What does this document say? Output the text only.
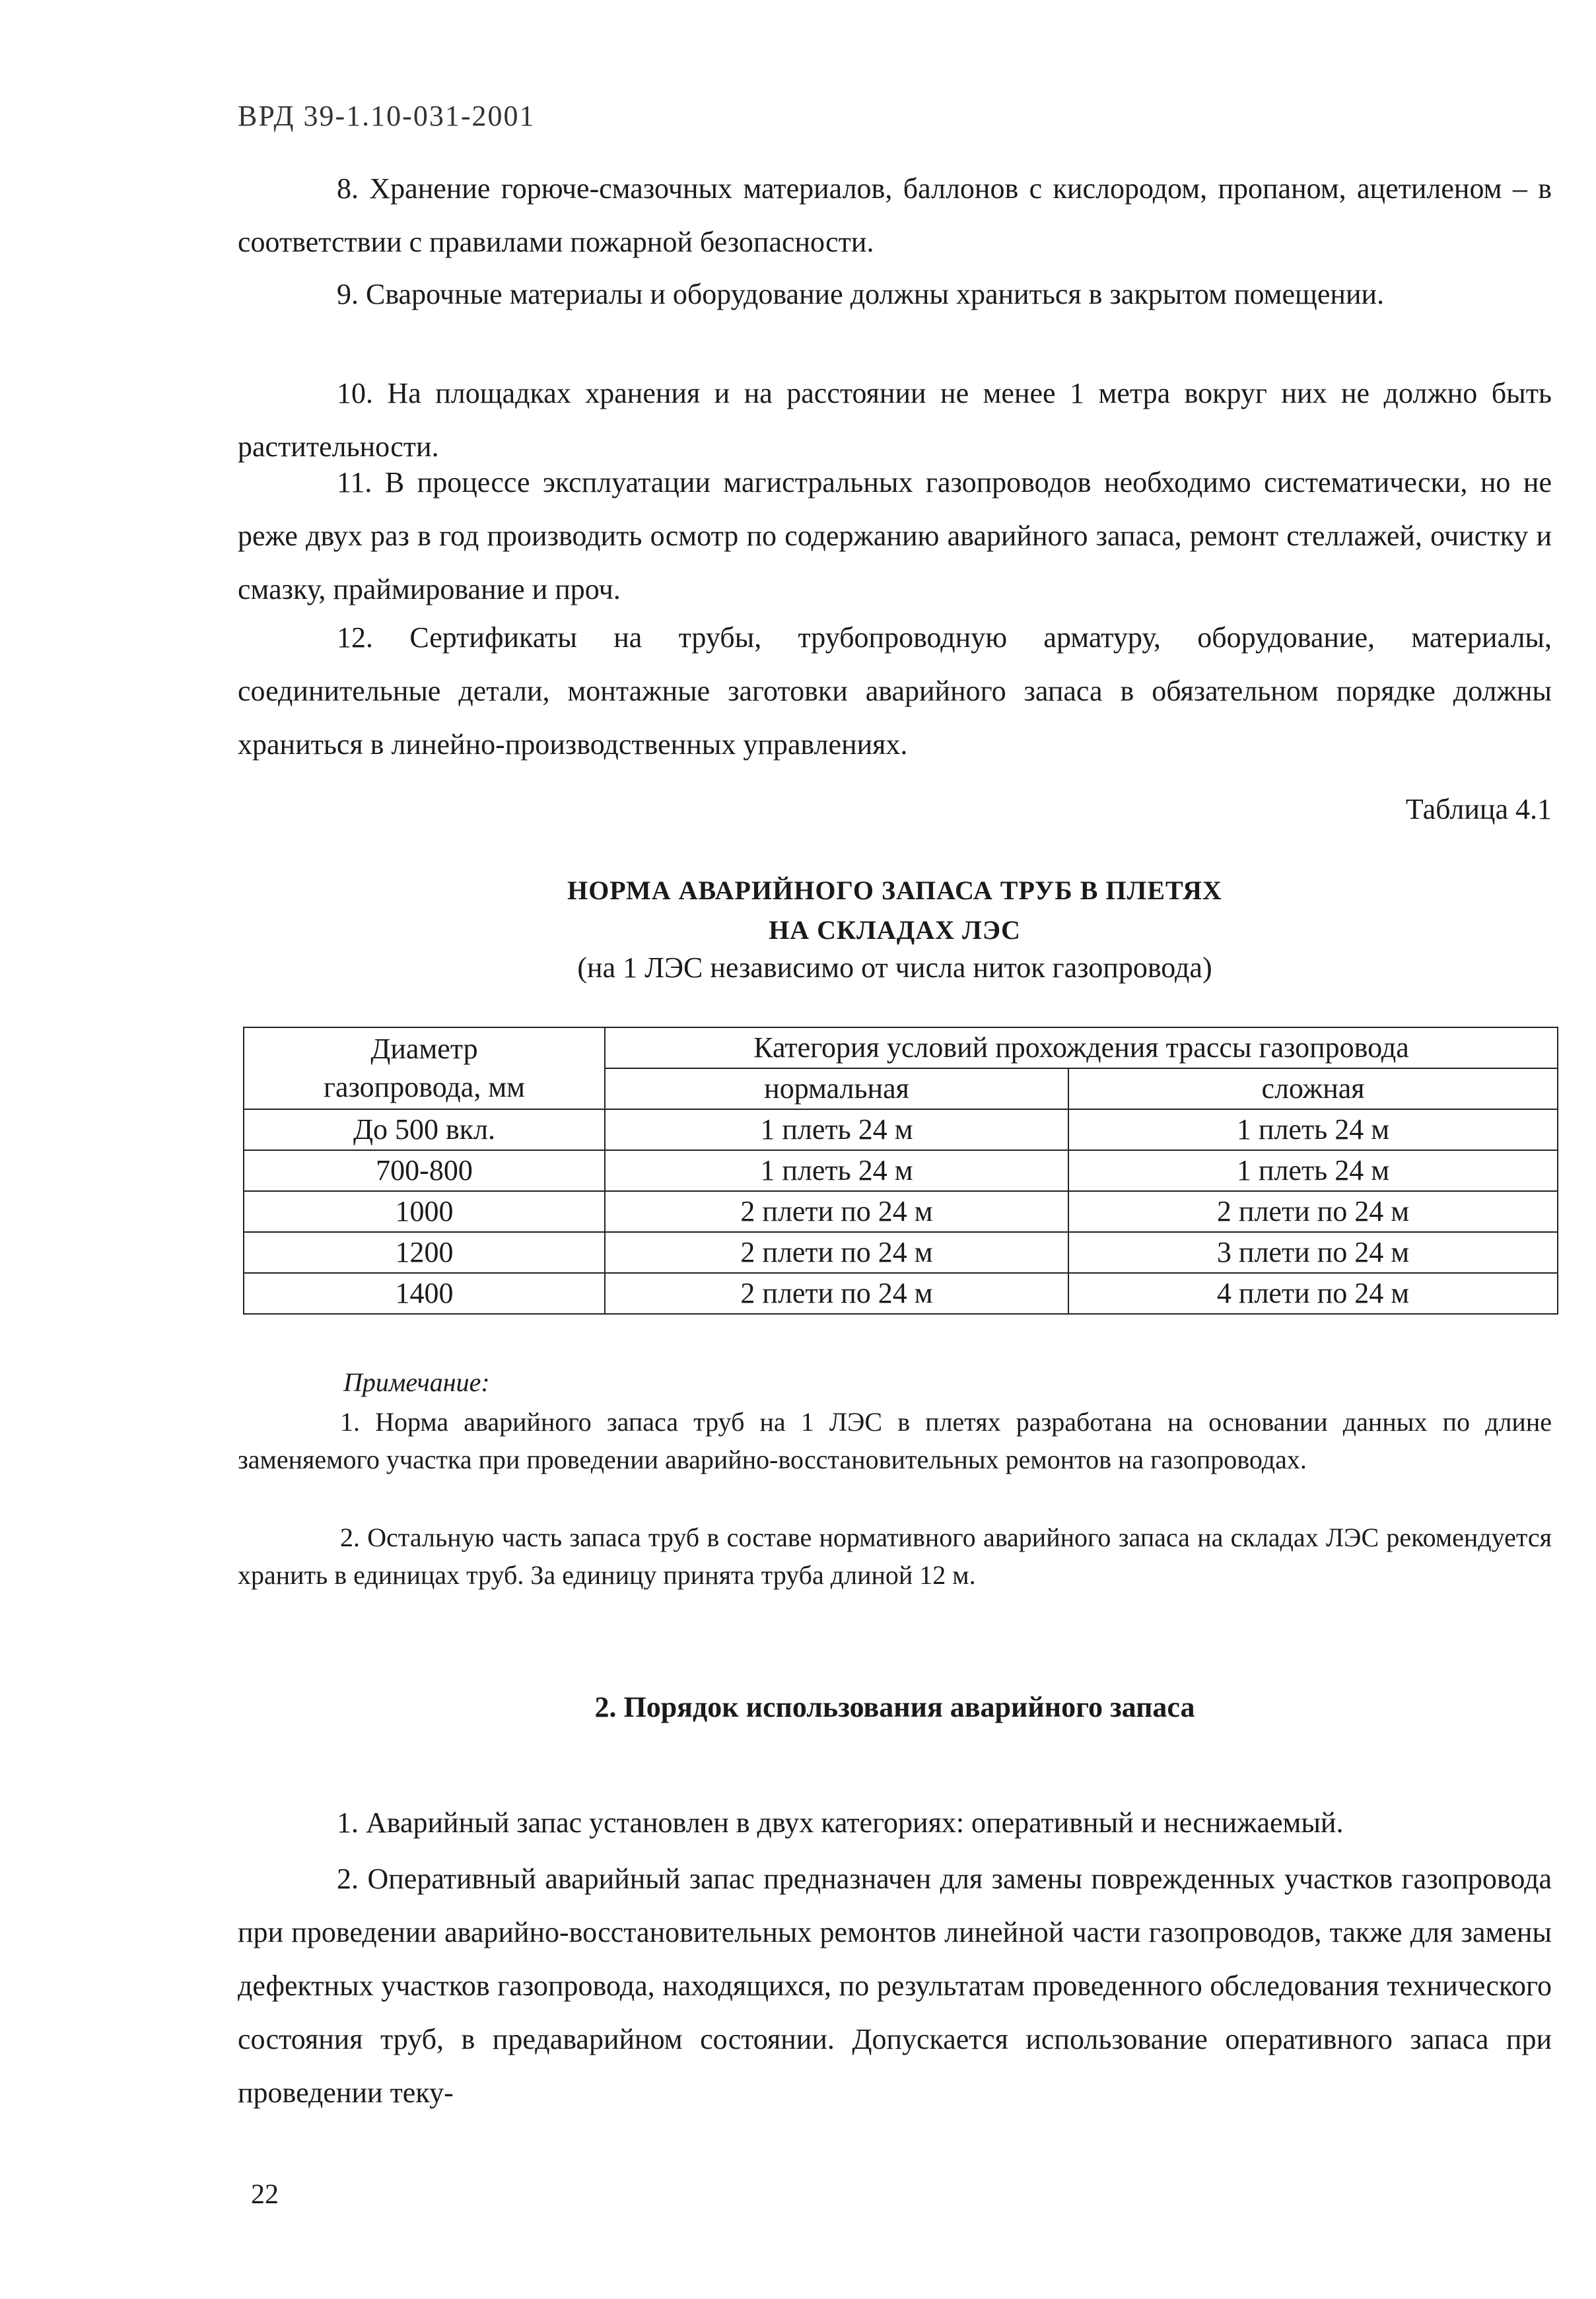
ВРД 39-1.10-031-2001

8. Хранение горюче-смазочных материалов, баллонов с кислородом, пропаном, ацетиленом – в соответствии с правилами пожарной безопасности.

9. Сварочные материалы и оборудование должны храниться в закрытом помещении.

10. На площадках хранения и на расстоянии не менее 1 метра вокруг них не должно быть растительности.

11. В процессе эксплуатации магистральных газопроводов необходимо систематически, но не реже двух раз в год производить осмотр по содержанию аварийного запаса, ремонт стеллажей, очистку и смазку, праймирование и проч.

12. Сертификаты на трубы, трубопроводную арматуру, оборудование, материалы, соединительные детали, монтажные заготовки аварийного запаса в обязательном порядке должны храниться в линейно-производственных управлениях.

Таблица 4.1
НОРМА АВАРИЙНОГО ЗАПАСА ТРУБ В ПЛЕТЯХ
НА СКЛАДАХ ЛЭС
(на 1 ЛЭС независимо от числа ниток газопровода)
Диаметр
газопровода, мм	Категория условий прохождения трассы газопровода	
	нормальная	сложная
До 500 вкл.	1 плеть 24 м	1 плеть 24 м
700-800	1 плеть 24 м	1 плеть 24 м
1000	2 плети по 24 м	2 плети по 24 м
1200	2 плети по 24 м	3 плети по 24 м
1400	2 плети по 24 м	4 плети по 24 м
Примечание:

1. Норма аварийного запаса труб на 1 ЛЭС в плетях разработана на основании данных по длине заменяемого участка при проведении аварийно-восстановительных ремонтов на газопроводах.

2. Остальную часть запаса труб в составе нормативного аварийного запаса на складах ЛЭС рекомендуется хранить в единицах труб. За единицу принята труба длиной 12 м.

2. Порядок использования аварийного запаса

1. Аварийный запас установлен в двух категориях: оперативный и неснижаемый.

2. Оперативный аварийный запас предназначен для замены поврежденных участков газопровода при проведении аварийно-восстановительных ремонтов линейной части газопроводов, также для замены дефектных участков газопровода, находящихся, по результатам проведенного обследования технического состояния труб, в предаварийном состоянии. Допускается использование оперативного запаса при проведении теку-

22
